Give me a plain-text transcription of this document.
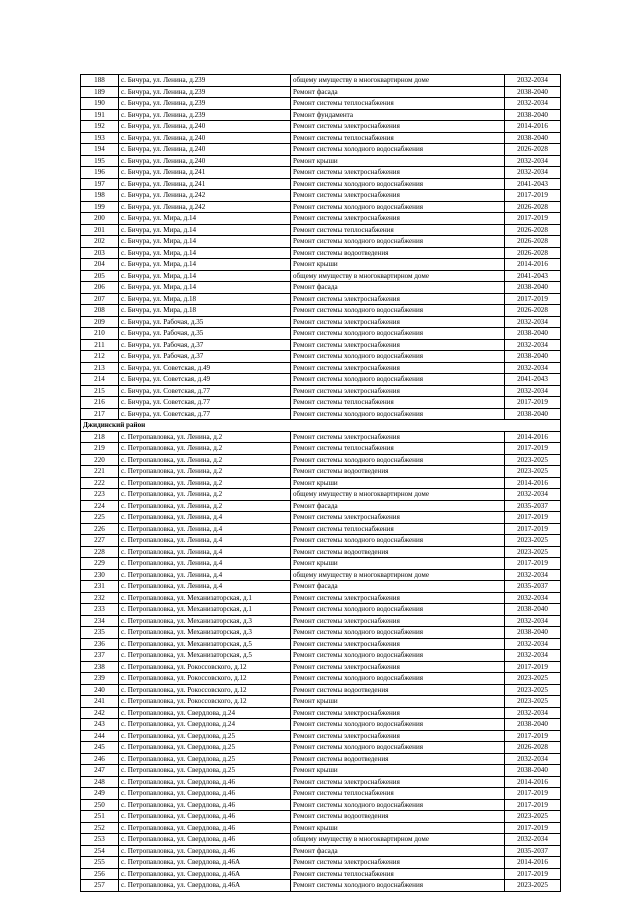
188	с. Бичура, ул. Ленина, д.239	общему имуществу в многоквартирном доме	2032-2034
189	с. Бичура, ул. Ленина, д.239	Ремонт фасада	2038-2040
190	с. Бичура, ул. Ленина, д.239	Ремонт системы теплоснабжения	2032-2034
191	с. Бичура, ул. Ленина, д.239	Ремонт фундамента	2038-2040
192	с. Бичура, ул. Ленина, д.240	Ремонт системы электроснабжения	2014-2016
193	с. Бичура, ул. Ленина, д.240	Ремонт системы теплоснабжения	2038-2040
194	с. Бичура, ул. Ленина, д.240	Ремонт системы холодного водоснабжения	2026-2028
195	с. Бичура, ул. Ленина, д.240	Ремонт крыши	2032-2034
196	с. Бичура, ул. Ленина, д.241	Ремонт системы электроснабжения	2032-2034
197	с. Бичура, ул. Ленина, д.241	Ремонт системы холодного водоснабжения	2041-2043
198	с. Бичура, ул. Ленина, д.242	Ремонт системы электроснабжения	2017-2019
199	с. Бичура, ул. Ленина, д.242	Ремонт системы холодного водоснабжения	2026-2028
200	с. Бичура, ул. Мира, д.14	Ремонт системы электроснабжения	2017-2019
201	с. Бичура, ул. Мира, д.14	Ремонт системы теплоснабжения	2026-2028
202	с. Бичура, ул. Мира, д.14	Ремонт системы холодного водоснабжения	2026-2028
203	с. Бичура, ул. Мира, д.14	Ремонт системы водоотведения	2026-2028
204	с. Бичура, ул. Мира, д.14	Ремонт крыши	2014-2016
205	с. Бичура, ул. Мира, д.14	общему имуществу в многоквартирном доме	2041-2043
206	с. Бичура, ул. Мира, д.14	Ремонт фасада	2038-2040
207	с. Бичура, ул. Мира, д.18	Ремонт системы электроснабжения	2017-2019
208	с. Бичура, ул. Мира, д.18	Ремонт системы холодного водоснабжения	2026-2028
209	с. Бичура, ул. Рабочая, д.35	Ремонт системы электроснабжения	2032-2034
210	с. Бичура, ул. Рабочая, д.35	Ремонт системы холодного водоснабжения	2038-2040
211	с. Бичура, ул. Рабочая, д.37	Ремонт системы электроснабжения	2032-2034
212	с. Бичура, ул. Рабочая, д.37	Ремонт системы холодного водоснабжения	2038-2040
213	с. Бичура, ул. Советская, д.49	Ремонт системы электроснабжения	2032-2034
214	с. Бичура, ул. Советская, д.49	Ремонт системы холодного водоснабжения	2041-2043
215	с. Бичура, ул. Советская, д.77	Ремонт системы электроснабжения	2032-2034
216	с. Бичура, ул. Советская, д.77	Ремонт системы теплоснабжения	2017-2019
217	с. Бичура, ул. Советская, д.77	Ремонт системы холодного водоснабжения	2038-2040
Джидинский район			
218	с. Петропавловка, ул. Ленина, д.2	Ремонт системы электроснабжения	2014-2016
219	с. Петропавловка, ул. Ленина, д.2	Ремонт системы теплоснабжения	2017-2019
220	с. Петропавловка, ул. Ленина, д.2	Ремонт системы холодного водоснабжения	2023-2025
221	с. Петропавловка, ул. Ленина, д.2	Ремонт системы водоотведения	2023-2025
222	с. Петропавловка, ул. Ленина, д.2	Ремонт крыши	2014-2016
223	с. Петропавловка, ул. Ленина, д.2	общему имуществу в многоквартирном доме	2032-2034
224	с. Петропавловка, ул. Ленина, д.2	Ремонт фасада	2035-2037
225	с. Петропавловка, ул. Ленина, д.4	Ремонт системы электроснабжения	2017-2019
226	с. Петропавловка, ул. Ленина, д.4	Ремонт системы теплоснабжения	2017-2019
227	с. Петропавловка, ул. Ленина, д.4	Ремонт системы холодного водоснабжения	2023-2025
228	с. Петропавловка, ул. Ленина, д.4	Ремонт системы водоотведения	2023-2025
229	с. Петропавловка, ул. Ленина, д.4	Ремонт крыши	2017-2019
230	с. Петропавловка, ул. Ленина, д.4	общему имуществу в многоквартирном доме	2032-2034
231	с. Петропавловка, ул. Ленина, д.4	Ремонт фасада	2035-2037
232	с. Петропавловка, ул. Механизаторская, д.1	Ремонт системы электроснабжения	2032-2034
233	с. Петропавловка, ул. Механизаторская, д.1	Ремонт системы холодного водоснабжения	2038-2040
234	с. Петропавловка, ул. Механизаторская, д.3	Ремонт системы электроснабжения	2032-2034
235	с. Петропавловка, ул. Механизаторская, д.3	Ремонт системы холодного водоснабжения	2038-2040
236	с. Петропавловка, ул. Механизаторская, д.5	Ремонт системы электроснабжения	2032-2034
237	с. Петропавловка, ул. Механизаторская, д.5	Ремонт системы холодного водоснабжения	2032-2034
238	с. Петропавловка, ул. Рокоссовского, д.12	Ремонт системы электроснабжения	2017-2019
239	с. Петропавловка, ул. Рокоссовского, д.12	Ремонт системы холодного водоснабжения	2023-2025
240	с. Петропавловка, ул. Рокоссовского, д.12	Ремонт системы водоотведения	2023-2025
241	с. Петропавловка, ул. Рокоссовского, д.12	Ремонт крыши	2023-2025
242	с. Петропавловка, ул. Свердлова, д.24	Ремонт системы электроснабжения	2032-2034
243	с. Петропавловка, ул. Свердлова, д.24	Ремонт системы холодного водоснабжения	2038-2040
244	с. Петропавловка, ул. Свердлова, д.25	Ремонт системы электроснабжения	2017-2019
245	с. Петропавловка, ул. Свердлова, д.25	Ремонт системы холодного водоснабжения	2026-2028
246	с. Петропавловка, ул. Свердлова, д.25	Ремонт системы водоотведения	2032-2034
247	с. Петропавловка, ул. Свердлова, д.25	Ремонт крыши	2038-2040
248	с. Петропавловка, ул. Свердлова, д.46	Ремонт системы электроснабжения	2014-2016
249	с. Петропавловка, ул. Свердлова, д.46	Ремонт системы теплоснабжения	2017-2019
250	с. Петропавловка, ул. Свердлова, д.46	Ремонт системы холодного водоснабжения	2017-2019
251	с. Петропавловка, ул. Свердлова, д.46	Ремонт системы водоотведения	2023-2025
252	с. Петропавловка, ул. Свердлова, д.46	Ремонт крыши	2017-2019
253	с. Петропавловка, ул. Свердлова, д.46	общему имуществу в многоквартирном доме	2032-2034
254	с. Петропавловка, ул. Свердлова, д.46	Ремонт фасада	2035-2037
255	с. Петропавловка, ул. Свердлова, д.46А	Ремонт системы электроснабжения	2014-2016
256	с. Петропавловка, ул. Свердлова, д.46А	Ремонт системы теплоснабжения	2017-2019
257	с. Петропавловка, ул. Свердлова, д.46А	Ремонт системы холодного водоснабжения	2023-2025
